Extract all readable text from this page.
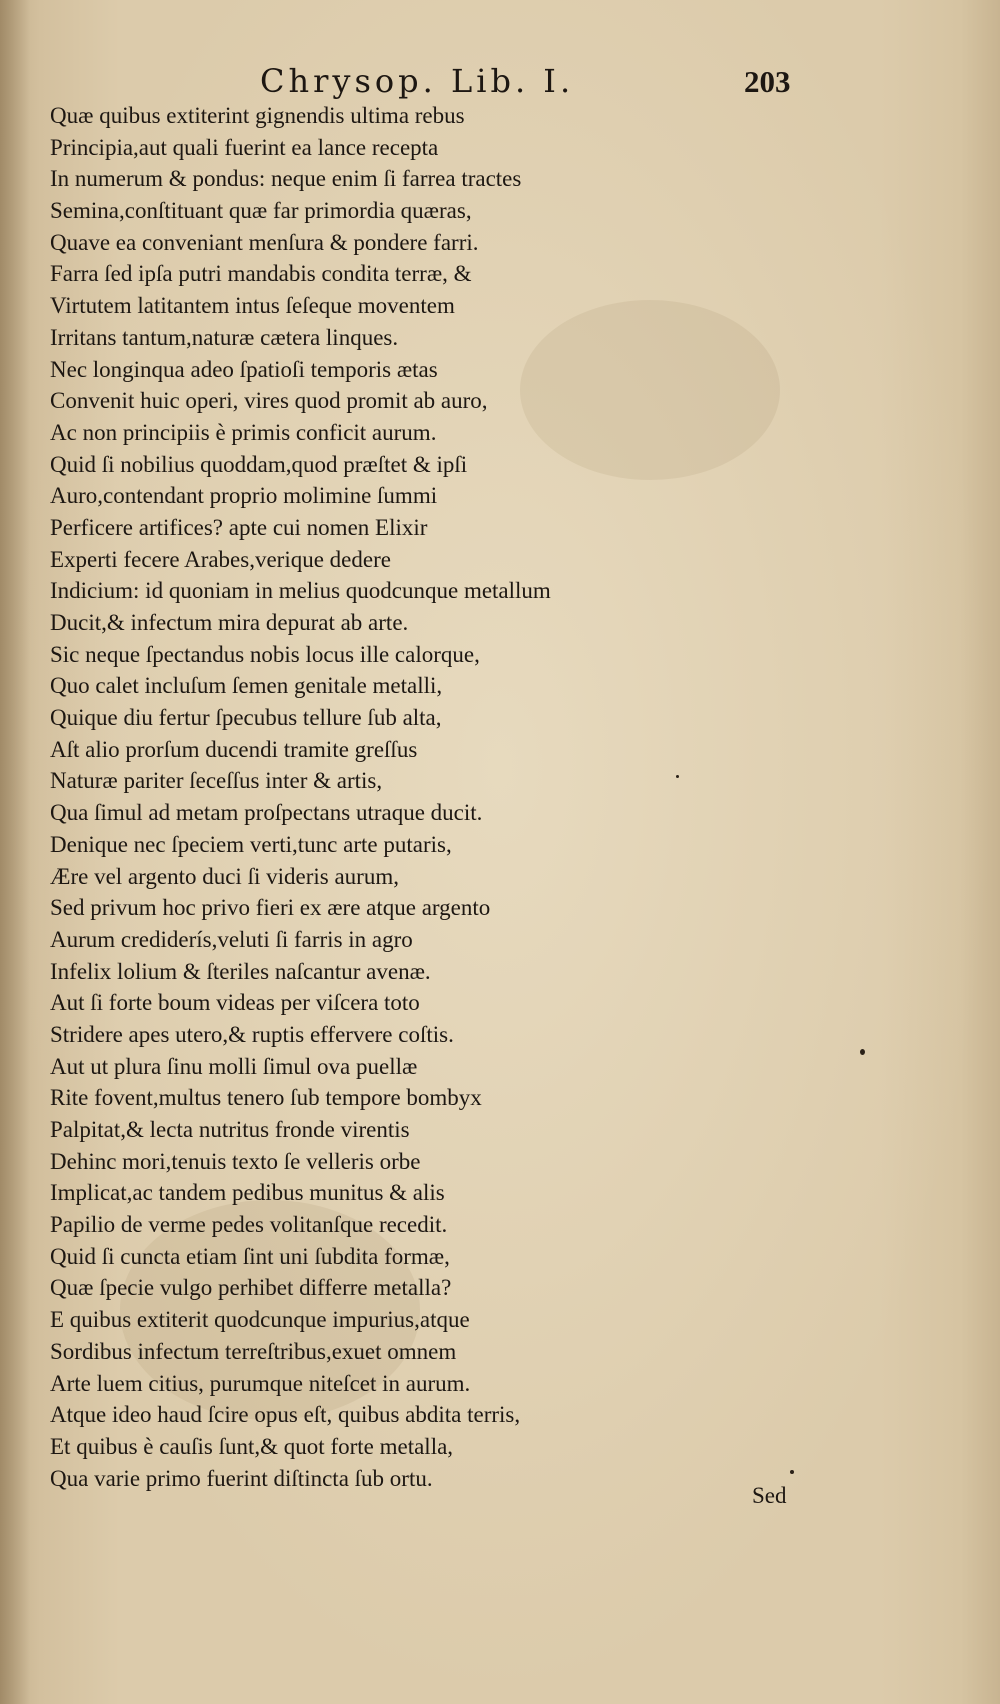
Chrysop. Lib. I.	203
Quæ quibus extiterint gignendis ultima rebus
Principia,aut quali fuerint ea lance recepta
In numerum & pondus: neque enim ſi farrea tractes
Semina,conſtituant quæ far primordia quæras,
Quave ea conveniant menſura & pondere farri.
Farra ſed ipſa putri mandabis condita terræ, &
Virtutem latitantem intus ſeſeque moventem
Irritans tantum,naturæ cætera linques.
Nec longinqua adeo ſpatioſi temporis ætas
Convenit huic operi, vires quod promit ab auro,
Ac non principiis è primis conficit aurum.
Quid ſi nobilius quoddam,quod præſtet & ipſi
Auro,contendant proprio molimine ſummi
Perficere artifices? apte cui nomen Elixir
Experti fecere Arabes,verique dedere
Indicium: id quoniam in melius quodcunque metallum
Ducit,& infectum mira depurat ab arte.
Sic neque ſpectandus nobis locus ille calorque,
Quo calet incluſum ſemen genitale metalli,
Quique diu fertur ſpecubus tellure ſub alta,
Aſt alio prorſum ducendi tramite greſſus
Naturæ pariter ſeceſſus inter & artis,
Qua ſimul ad metam proſpectans utraque ducit.
Denique nec ſpeciem verti,tunc arte putaris,
Ære vel argento duci ſi videris aurum,
Sed privum hoc privo fieri ex ære atque argento
Aurum crediderís,veluti ſi farris in agro
Infelix lolium & ſteriles naſcantur avenæ.
Aut ſi forte boum videas per viſcera toto
Stridere apes utero,& ruptis effervere coſtis.
Aut ut plura ſinu molli ſimul ova puellæ
Rite fovent,multus tenero ſub tempore bombyx
Palpitat,& lecta nutritus fronde virentis
Dehinc mori,tenuis texto ſe velleris orbe
Implicat,ac tandem pedibus munitus & alis
Papilio de verme pedes volitanſque recedit.
Quid ſi cuncta etiam ſint uni ſubdita formæ,
Quæ ſpecie vulgo perhibet differre metalla?
E quibus extiterit quodcunque impurius,atque
Sordibus infectum terreſtribus,exuet omnem
Arte luem citius, purumque niteſcet in aurum.
Atque ideo haud ſcire opus eſt, quibus abdita terris,
Et quibus è cauſis ſunt,& quot forte metalla,
Qua varie primo fuerint diſtincta ſub ortu.
Sed
